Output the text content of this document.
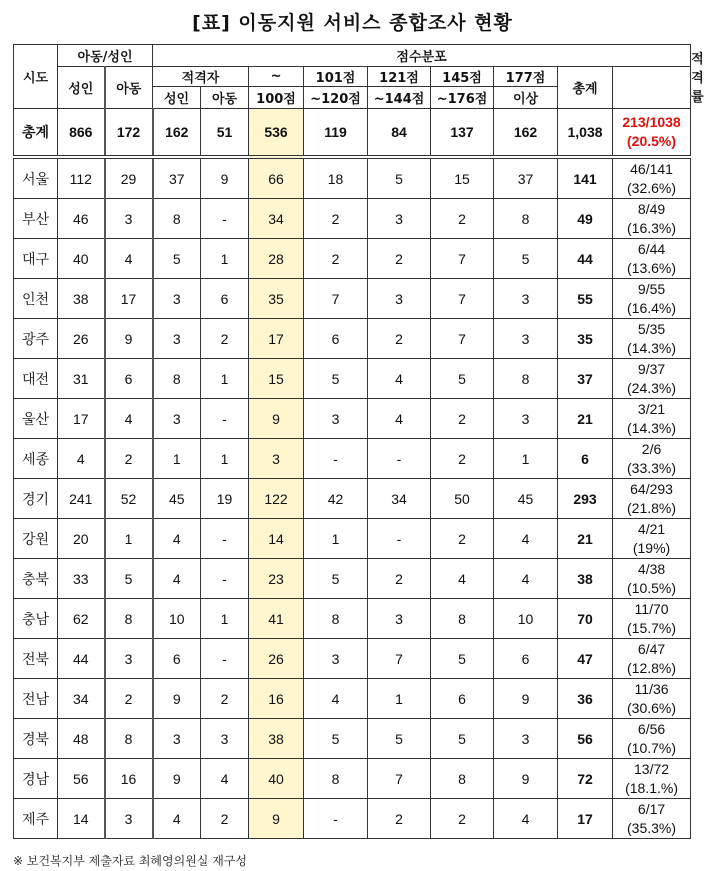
[표] 이동지원 서비스 종합조사 현황
시도	아동/성인		점수분포									적격률
	성인	아동	적격자		~	101점	121점	145점	177점	총계		
			성인	아동	100점	~120점	~144점	~176점	이상			
총계	866	172	162	51	536	119	84	137	162	1,038	213/1038
(20.5%)	
서울	112	29	37	9	66	18	5	15	37	141	46/141
(32.6%)	
부산	46	3	8	-	34	2	3	2	8	49	8/49
(16.3%)	
대구	40	4	5	1	28	2	2	7	5	44	6/44
(13.6%)	
인천	38	17	3	6	35	7	3	7	3	55	9/55
(16.4%)	
광주	26	9	3	2	17	6	2	7	3	35	5/35
(14.3%)	
대전	31	6	8	1	15	5	4	5	8	37	9/37
(24.3%)	
울산	17	4	3	-	9	3	4	2	3	21	3/21
(14.3%)	
세종	4	2	1	1	3	-	-	2	1	6	2/6
(33.3%)	
경기	241	52	45	19	122	42	34	50	45	293	64/293
(21.8%)	
강원	20	1	4	-	14	1	-	2	4	21	4/21
(19%)	
충북	33	5	4	-	23	5	2	4	4	38	4/38
(10.5%)	
충남	62	8	10	1	41	8	3	8	10	70	11/70
(15.7%)	
전북	44	3	6	-	26	3	7	5	6	47	6/47
(12.8%)	
전남	34	2	9	2	16	4	1	6	9	36	11/36
(30.6%)	
경북	48	8	3	3	38	5	5	5	3	56	6/56
(10.7%)	
경남	56	16	9	4	40	8	7	8	9	72	13/72
(18.1.%)	
제주	14	3	4	2	9	-	2	2	4	17	6/17
(35.3%)	
※ 보건복지부 제출자료 최혜영의원실 재구성
